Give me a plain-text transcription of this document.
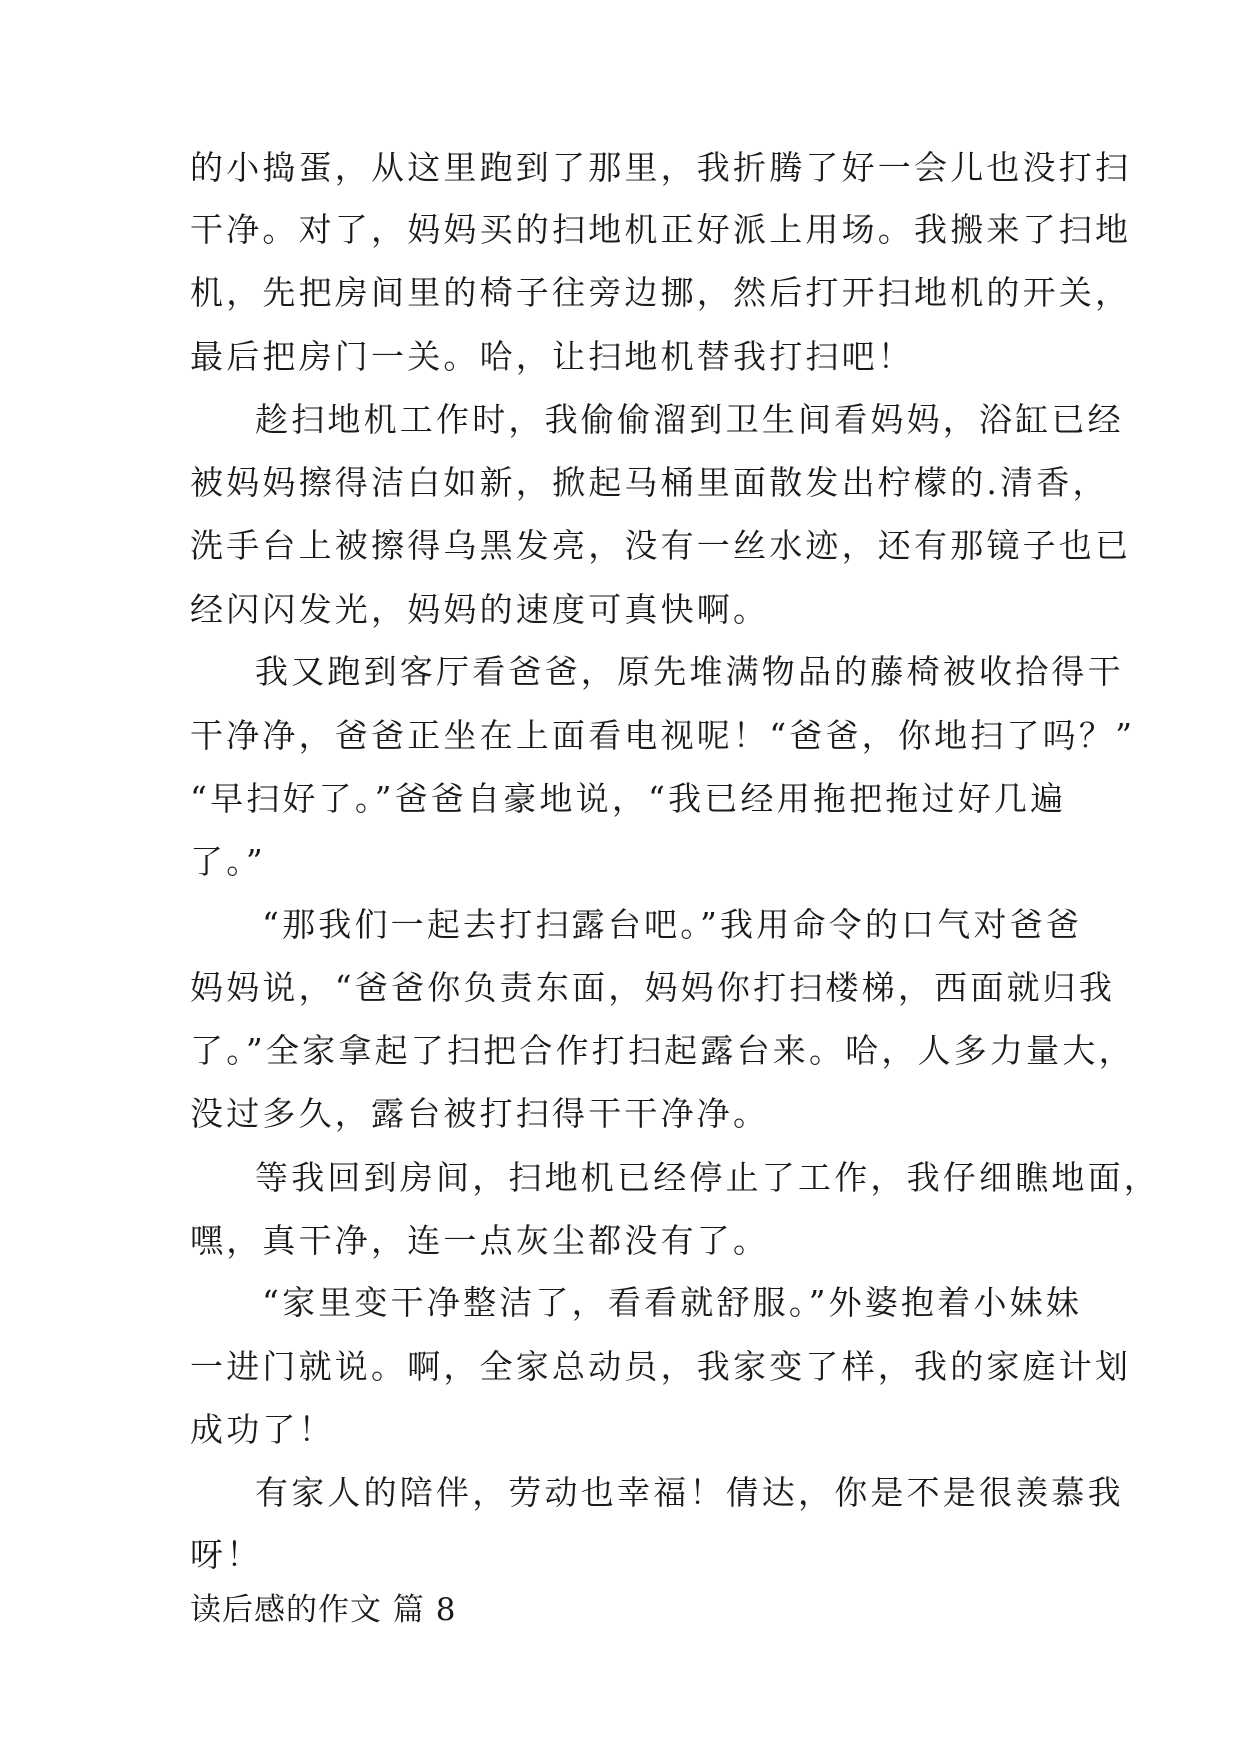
的小捣蛋，从这里跑到了那里，我折腾了好一会儿也没打扫
干净。对了，妈妈买的扫地机正好派上用场。我搬来了扫地
机，先把房间里的椅子往旁边挪，然后打开扫地机的开关，
最后把房门一关。哈，让扫地机替我打扫吧！
趁扫地机工作时，我偷偷溜到卫生间看妈妈，浴缸已经
被妈妈擦得洁白如新，掀起马桶里面散发出柠檬的.清香，
洗手台上被擦得乌黑发亮，没有一丝水迹，还有那镜子也已
经闪闪发光，妈妈的速度可真快啊。
我又跑到客厅看爸爸，原先堆满物品的藤椅被收拾得干
干净净，爸爸正坐在上面看电视呢！“爸爸，你地扫了吗？”
“早扫好了。”爸爸自豪地说，“我已经用拖把拖过好几遍
了。”
“那我们一起去打扫露台吧。”我用命令的口气对爸爸
妈妈说，“爸爸你负责东面，妈妈你打扫楼梯，西面就归我
了。”全家拿起了扫把合作打扫起露台来。哈，人多力量大，
没过多久，露台被打扫得干干净净。
等我回到房间，扫地机已经停止了工作，我仔细瞧地面，
嘿，真干净，连一点灰尘都没有了。
“家里变干净整洁了，看看就舒服。”外婆抱着小妹妹
一进门就说。啊，全家总动员，我家变了样，我的家庭计划
成功了！
有家人的陪伴，劳动也幸福！倩达，你是不是很羡慕我
呀！
读后感的作文 篇 8
